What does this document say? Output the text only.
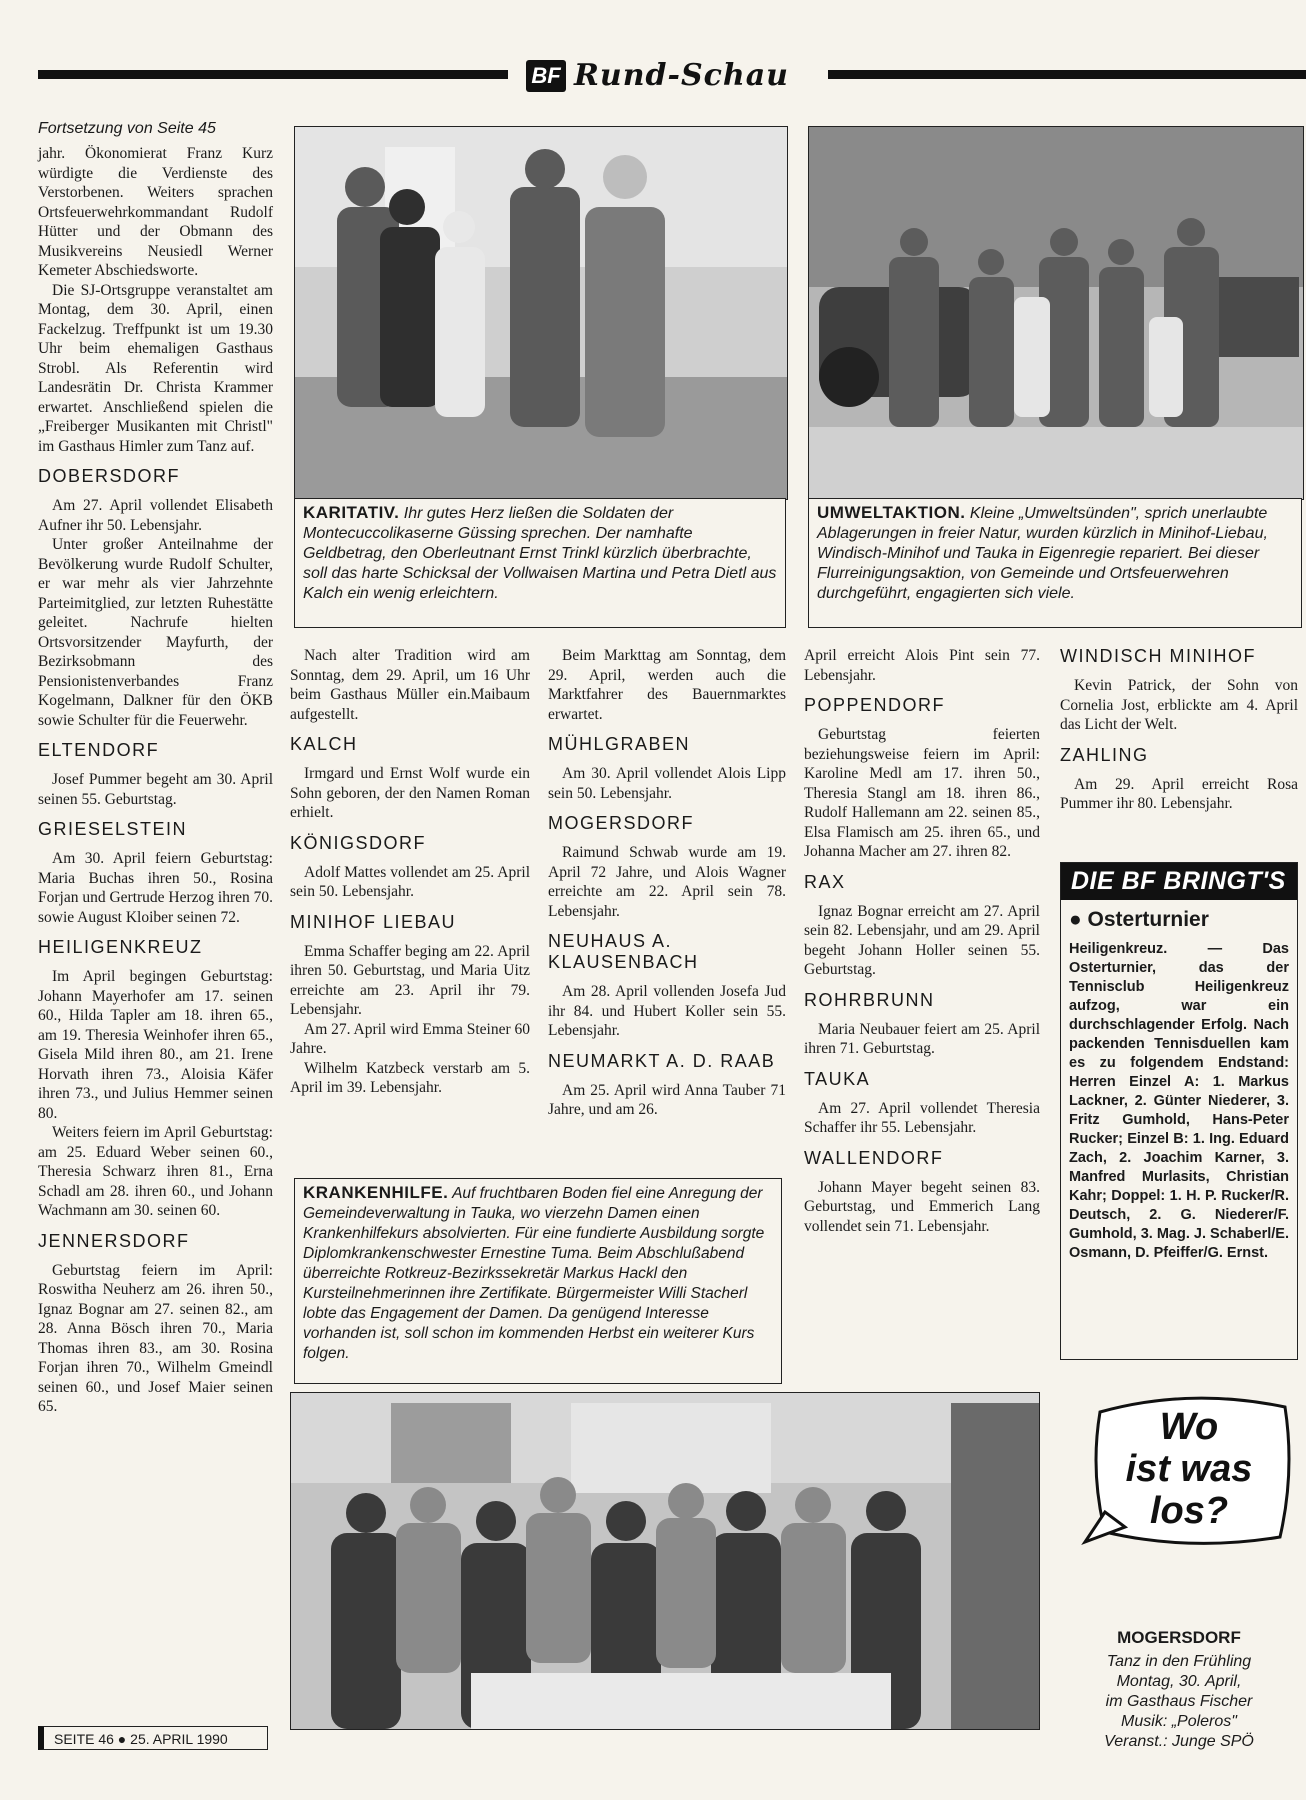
BF Rund-Schau
Fortsetzung von Seite 45

jahr. Ökonomierat Franz Kurz würdigte die Verdienste des Verstorbenen. Weiters sprachen Ortsfeuerwehrkommandant Rudolf Hütter und der Obmann des Musikvereins Neusiedl Werner Kemeter Abschiedsworte.

Die SJ-Ortsgruppe veranstaltet am Montag, dem 30. April, einen Fackelzug. Treffpunkt ist um 19.30 Uhr beim ehemaligen Gasthaus Strobl. Als Referentin wird Landesrätin Dr. Christa Krammer erwartet. Anschließend spielen die „Freiberger Musikanten mit Christl" im Gasthaus Himler zum Tanz auf.

DOBERSDORF

Am 27. April vollendet Elisabeth Aufner ihr 50. Lebensjahr.

Unter großer Anteilnahme der Bevölkerung wurde Rudolf Schulter, er war mehr als vier Jahrzehnte Parteimitglied, zur letzten Ruhestätte geleitet. Nachrufe hielten Ortsvorsitzender Mayfurth, der Bezirksobmann des Pensionistenverbandes Franz Kogelmann, Dalkner für den ÖKB sowie Schulter für die Feuerwehr.

ELTENDORF

Josef Pummer begeht am 30. April seinen 55. Geburtstag.

GRIESELSTEIN

Am 30. April feiern Geburtstag: Maria Buchas ihren 50., Rosina Forjan und Gertrude Herzog ihren 70. sowie August Kloiber seinen 72.

HEILIGENKREUZ

Im April begingen Geburtstag: Johann Mayerhofer am 17. seinen 60., Hilda Tapler am 18. ihren 65., am 19. Theresia Weinhofer ihren 65., Gisela Mild ihren 80., am 21. Irene Horvath ihren 73., Aloisia Käfer ihren 73., und Julius Hemmer seinen 80.

Weiters feiern im April Geburtstag: am 25. Eduard Weber seinen 60., Theresia Schwarz ihren 81., Erna Schadl am 28. ihren 60., und Johann Wachmann am 30. seinen 60.

JENNERSDORF

Geburtstag feiern im April: Roswitha Neuherz am 26. ihren 50., Ignaz Bognar am 27. seinen 82., am 28. Anna Bösch ihren 70., Maria Thomas ihren 83., am 30. Rosina Forjan ihren 70., Wilhelm Gmeindl seinen 60., und Josef Maier seinen 65.

SEITE 46 ● 25. APRIL 1990
KARITATIV. Ihr gutes Herz ließen die Soldaten der Montecuccolikaserne Güssing sprechen. Der namhafte Geldbetrag, den Oberleutnant Ernst Trinkl kürzlich überbrachte, soll das harte Schicksal der Vollwaisen Martina und Petra Dietl aus Kalch ein wenig erleichtern.
UMWELTAKTION. Kleine „Umweltsünden", sprich unerlaubte Ablagerungen in freier Natur, wurden kürzlich in Minihof-Liebau, Windisch-Minihof und Tauka in Eigenregie repariert. Bei dieser Flurreinigungsaktion, von Gemeinde und Ortsfeuerwehren durchgeführt, engagierten sich viele.

Nach alter Tradition wird am Sonntag, dem 29. April, um 16 Uhr beim Gasthaus Müller ein.Maibaum aufgestellt.

KALCH

Irmgard und Ernst Wolf wurde ein Sohn geboren, der den Namen Roman erhielt.

KÖNIGSDORF

Adolf Mattes vollendet am 25. April sein 50. Lebensjahr.

MINIHOF LIEBAU

Emma Schaffer beging am 22. April ihren 50. Geburtstag, und Maria Uitz erreichte am 23. April ihr 79. Lebensjahr.

Am 27. April wird Emma Steiner 60 Jahre.

Wilhelm Katzbeck verstarb am 5. April im 39. Lebensjahr.

Beim Markttag am Sonntag, dem 29. April, werden auch die Marktfahrer des Bauernmarktes erwartet.

MÜHLGRABEN

Am 30. April vollendet Alois Lipp sein 50. Lebensjahr.

MOGERSDORF

Raimund Schwab wurde am 19. April 72 Jahre, und Alois Wagner erreichte am 22. April sein 78. Lebensjahr.

NEUHAUS A. KLAUSENBACH

Am 28. April vollenden Josefa Jud ihr 84. und Hubert Koller sein 55. Lebensjahr.

NEUMARKT A. D. RAAB

Am 25. April wird Anna Tauber 71 Jahre, und am 26.

KRANKENHILFE. Auf fruchtbaren Boden fiel eine Anregung der Gemeindeverwaltung in Tauka, wo vierzehn Damen einen Krankenhilfekurs absolvierten. Für eine fundierte Ausbildung sorgte Diplomkrankenschwester Ernestine Tuma. Beim Abschlußabend überreichte Rotkreuz-Bezirkssekretär Markus Hackl den Kursteilnehmerinnen ihre Zertifikate. Bürgermeister Willi Stacherl lobte das Engagement der Damen. Da genügend Interesse vorhanden ist, soll schon im kommenden Herbst ein weiterer Kurs folgen.

April erreicht Alois Pint sein 77. Lebensjahr.

POPPENDORF

Geburtstag feierten beziehungsweise feiern im April: Karoline Medl am 17. ihren 50., Theresia Stangl am 18. ihren 86., Rudolf Hallemann am 22. seinen 85., Elsa Flamisch am 25. ihren 65., und Johanna Macher am 27. ihren 82.

RAX

Ignaz Bognar erreicht am 27. April sein 82. Lebensjahr, und am 29. April begeht Johann Holler seinen 55. Geburtstag.

ROHRBRUNN

Maria Neubauer feiert am 25. April ihren 71. Geburtstag.

TAUKA

Am 27. April vollendet Theresia Schaffer ihr 55. Lebensjahr.

WALLENDORF

Johann Mayer begeht seinen 83. Geburtstag, und Emmerich Lang vollendet sein 71. Lebensjahr.

WINDISCH MINIHOF

Kevin Patrick, der Sohn von Cornelia Jost, erblickte am 4. April das Licht der Welt.

ZAHLING

Am 29. April erreicht Rosa Pummer ihr 80. Lebensjahr.

DIE BF BRINGT'S
● Osterturnier
Heiligenkreuz. — Das Osterturnier, das der Tennisclub Heiligenkreuz aufzog, war ein durchschlagender Erfolg. Nach packenden Tennisduellen kam es zu folgendem Endstand: Herren Einzel A: 1. Markus Lackner, 2. Günter Niederer, 3. Fritz Gumhold, Hans-Peter Rucker; Einzel B: 1. Ing. Eduard Zach, 2. Joachim Karner, 3. Manfred Murlasits, Christian Kahr; Doppel: 1. H. P. Rucker/R. Deutsch, 2. G. Niederer/F. Gumhold, 3. Mag. J. Schaberl/E. Osmann, D. Pfeiffer/G. Ernst.
Wo
ist was
los?
MOGERSDORF
Tanz in den Frühling
Montag, 30. April,
im Gasthaus Fischer
Musik: „Poleros"
Veranst.: Junge SPÖ
